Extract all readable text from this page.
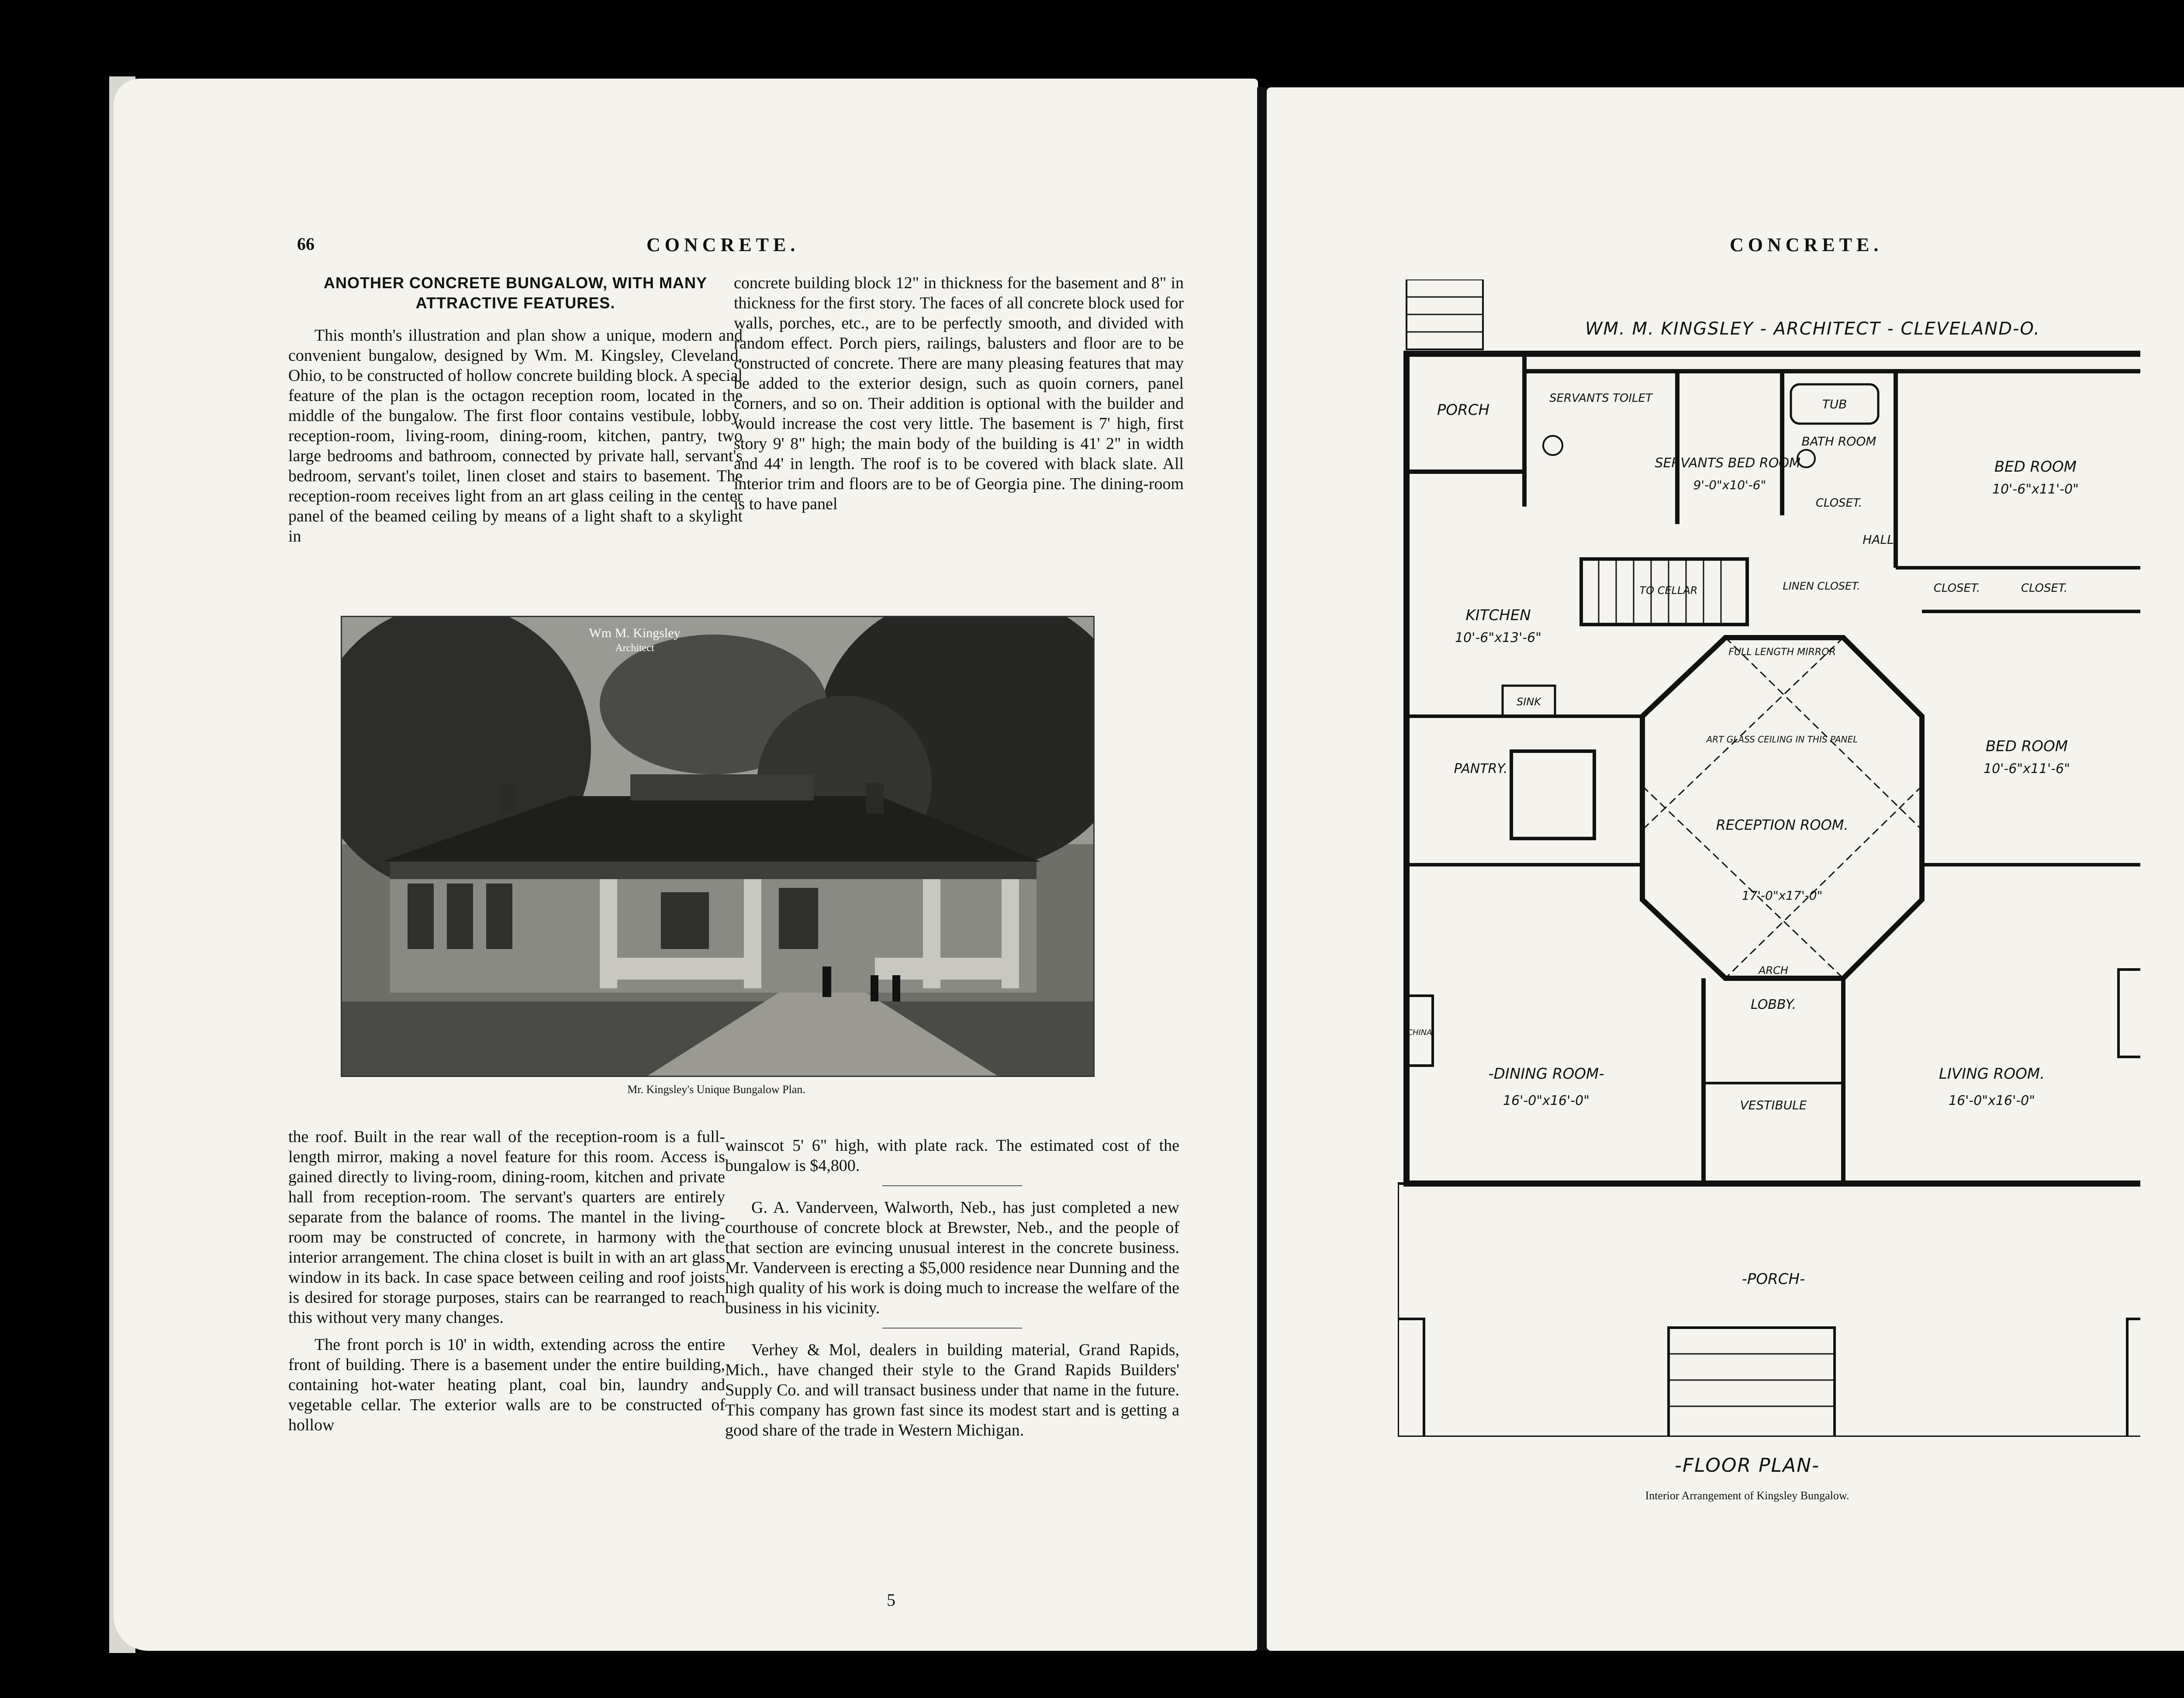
66	CONCRETE.
ANOTHER CONCRETE BUNGALOW, WITH MANY ATTRACTIVE FEATURES.

This month's illustration and plan show a unique, modern and convenient bungalow, designed by Wm. M. Kingsley, Cleveland, Ohio, to be constructed of hollow concrete building block. A special feature of the plan is the octagon reception room, located in the middle of the bungalow. The first floor contains vestibule, lobby, reception-room, living-room, dining-room, kitchen, pantry, two large bedrooms and bathroom, connected by private hall, servant's bedroom, servant's toilet, linen closet and stairs to basement. The reception-room receives light from an art glass ceiling in the center panel of the beamed ceiling by means of a light shaft to a skylight in

concrete building block 12" in thickness for the basement and 8" in thickness for the first story. The faces of all concrete block used for walls, porches, etc., are to be perfectly smooth, and divided with random effect. Porch piers, railings, balusters and floor are to be constructed of concrete. There are many pleasing features that may be added to the exterior design, such as quoin corners, panel corners, and so on. Their addition is optional with the builder and would increase the cost very little. The basement is 7' high, first story 9' 8" high; the main body of the building is 41' 2" in width and 44' in length. The roof is to be covered with black slate. All interior trim and floors are to be of Georgia pine. The dining-room is to have panel

Wm M. Kingsley
Architect
Mr. Kingsley's Unique Bungalow Plan.

the roof. Built in the rear wall of the reception-room is a full-length mirror, making a novel feature for this room. Access is gained directly to living-room, dining-room, kitchen and private hall from reception-room. The servant's quarters are entirely separate from the balance of rooms. The mantel in the living-room may be constructed of concrete, in harmony with the interior arrangement. The china closet is built in with an art glass window in its back. In case space between ceiling and roof joists is desired for storage purposes, stairs can be rearranged to reach this without very many changes.

The front porch is 10' in width, extending across the entire front of building. There is a basement under the entire building, containing hot-water heating plant, coal bin, laundry and vegetable cellar. The exterior walls are to be constructed of hollow

wainscot 5' 6" high, with plate rack. The estimated cost of the bungalow is $4,800.

G. A. Vanderveen, Walworth, Neb., has just completed a new courthouse of concrete block at Brewster, Neb., and the people of that section are evincing unusual interest in the concrete business. Mr. Vanderveen is erecting a $5,000 residence near Dunning and the high quality of his work is doing much to increase the welfare of the business in his vicinity.

Verhey & Mol, dealers in building material, Grand Rapids, Mich., have changed their style to the Grand Rapids Builders' Supply Co. and will transact business under that name in the future. This company has grown fast since its modest start and is getting a good share of the trade in Western Michigan.

5
CONCRETE.
PORCH
SERVANTS TOILET	TUB
BATH ROOM
SERVANTS BED ROOM.
9'-0"x10'-6"
CLOSET.
HALL
BED ROOM
10'-6"x11'-0"
TO CELLAR	LINEN CLOSET.	CLOSET.	CLOSET.
FULL LENGTH MIRROR
KITCHEN
10'-6"x13'-6"
SINK
ART GLASS CEILING IN THIS PANEL
RECEPTION ROOM.
17'-0"x17'-0"
PANTRY.
BED ROOM
10'-6"x11'-6"
ARCH
LOBBY.
VESTIBULE
-DINING ROOM-
16'-0"x16'-0"
LIVING ROOM.
16'-0"x16'-0"
CHINA
-PORCH-
WM. M. KINGSLEY - ARCHITECT - CLEVELAND-O.
-FLOOR PLAN-
Interior Arrangement of Kingsley Bungalow.
